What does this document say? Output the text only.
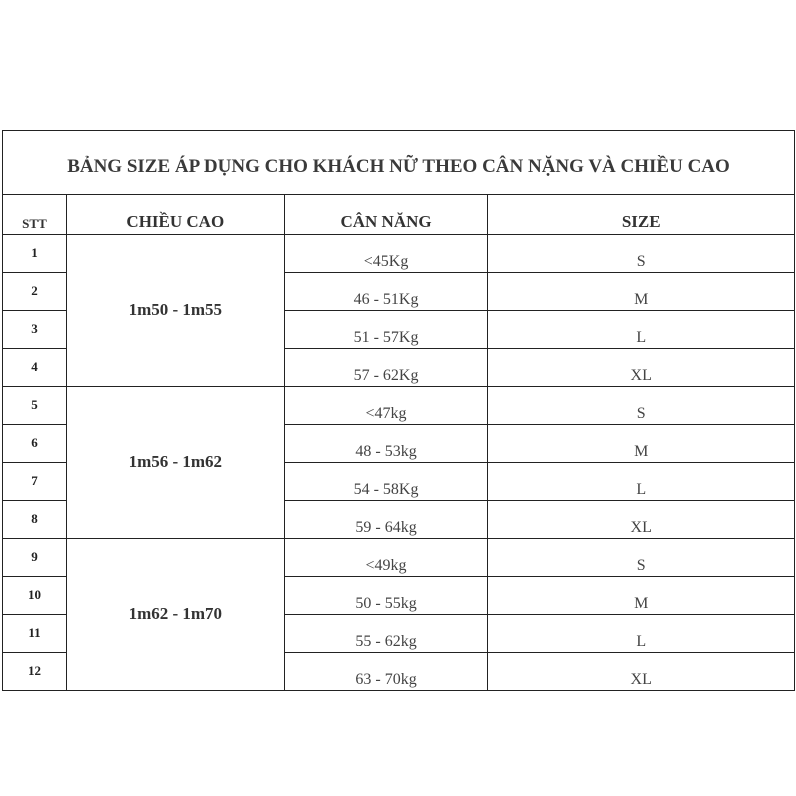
BẢNG SIZE ÁP DỤNG CHO KHÁCH NỮ THEO CÂN NẶNG VÀ CHIỀU CAO			
STT	CHIỀU CAO	CÂN NĂNG	SIZE
1	1m50 - 1m55	<45Kg	S
2		46 - 51Kg	M
3		51 - 57Kg	L
4		57 - 62Kg	XL
5	1m56 - 1m62	<47kg	S
6		48 - 53kg	M
7		54 - 58Kg	L
8		59 - 64kg	XL
9	1m62 - 1m70	<49kg	S
10		50 - 55kg	M
11		55 - 62kg	L
12		63 - 70kg	XL
